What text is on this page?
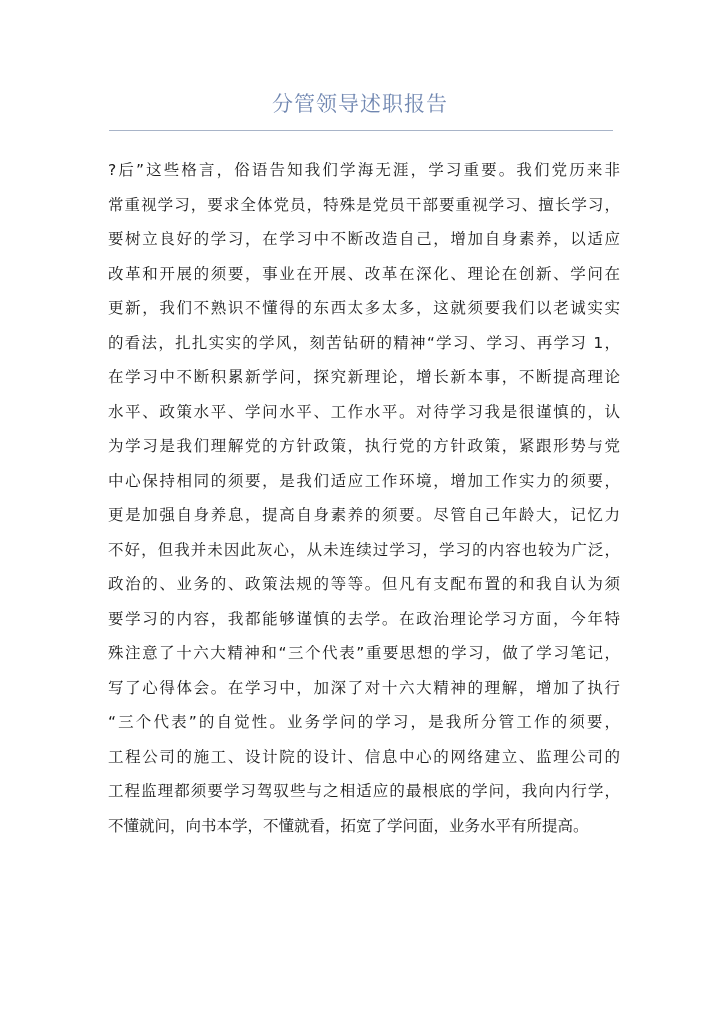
分管领导述职报告
?后”这些格言，俗语告知我们学海无涯，学习重要。我们党历来非
常重视学习，要求全体党员，特殊是党员干部要重视学习、擅长学习，
要树立良好的学习，在学习中不断改造自己，增加自身素养，以适应
改革和开展的须要，事业在开展、改革在深化、理论在创新、学问在
更新，我们不熟识不懂得的东西太多太多，这就须要我们以老诚实实
的看法，扎扎实实的学风，刻苦钻研的精神“学习、学习、再学习 1，
在学习中不断积累新学问，探究新理论，增长新本事，不断提高理论
水平、政策水平、学问水平、工作水平。对待学习我是很谨慎的，认
为学习是我们理解党的方针政策，执行党的方针政策，紧跟形势与党
中心保持相同的须要，是我们适应工作环境，增加工作实力的须要，
更是加强自身养息，提高自身素养的须要。尽管自己年龄大，记忆力
不好，但我并未因此灰心，从未连续过学习，学习的内容也较为广泛，
政治的、业务的、政策法规的等等。但凡有支配布置的和我自认为须
要学习的内容，我都能够谨慎的去学。在政治理论学习方面，今年特
殊注意了十六大精神和“三个代表”重要思想的学习，做了学习笔记，
写了心得体会。在学习中，加深了对十六大精神的理解，增加了执行
“三个代表”的自觉性。业务学问的学习，是我所分管工作的须要，
工程公司的施工、设计院的设计、信息中心的网络建立、监理公司的
工程监理都须要学习驾驭些与之相适应的最根底的学问，我向内行学，
不懂就问，向书本学，不懂就看，拓宽了学问面，业务水平有所提高。
